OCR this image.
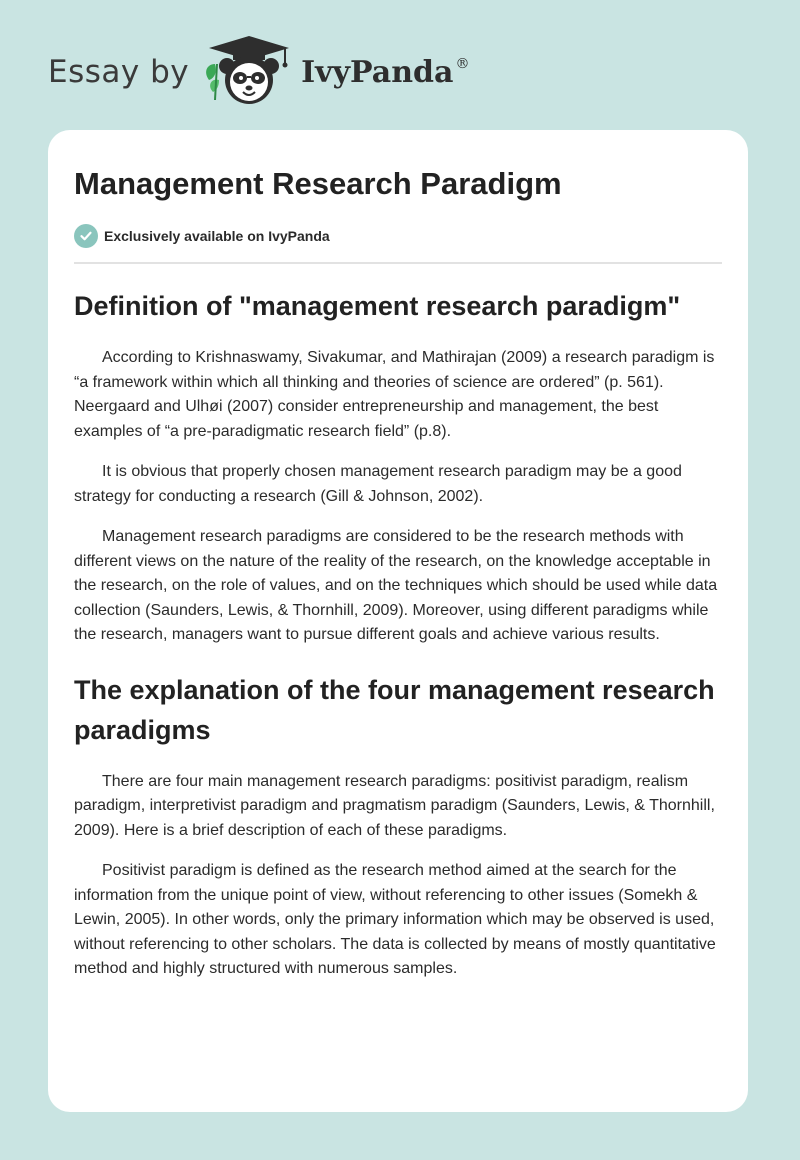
Essay by	IvyPanda ®
Management Research Paradigm
Exclusively available on IvyPanda
Definition of "management research paradigm"

According to Krishnaswamy, Sivakumar, and Mathirajan (2009) a research paradigm is “a framework within which all thinking and theories of science are ordered” (p. 561). Neergaard and Ulhøi (2007) consider entrepreneurship and management, the best examples of “a pre-paradigmatic research field” (p.8).

It is obvious that properly chosen management research paradigm may be a good strategy for conducting a research (Gill & Johnson, 2002).

Management research paradigms are considered to be the research methods with different views on the nature of the reality of the research, on the knowledge acceptable in the research, on the role of values, and on the techniques which should be used while data collection (Saunders, Lewis, & Thornhill, 2009). Moreover, using different paradigms while the research, managers want to pursue different goals and achieve various results.

The explanation of the four management research paradigms

There are four main management research paradigms: positivist paradigm, realism paradigm, interpretivist paradigm and pragmatism paradigm (Saunders, Lewis, & Thornhill, 2009). Here is a brief description of each of these paradigms.

Positivist paradigm is defined as the research method aimed at the search for the information from the unique point of view, without referencing to other issues (Somekh & Lewin, 2005). In other words, only the primary information which may be observed is used, without referencing to other scholars. The data is collected by means of mostly quantitative method and highly structured with numerous samples.
